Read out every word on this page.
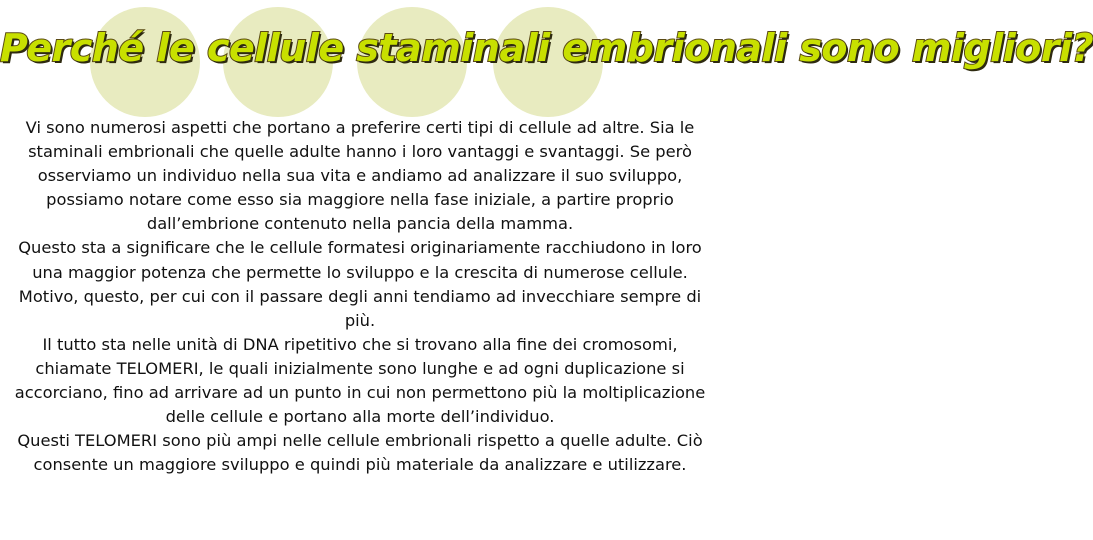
Perché le cellule staminali embrionali sono migliori?

Vi sono numerosi aspetti che portano a preferire certi tipi di cellule ad altre. Sia le staminali embrionali che quelle adulte hanno i loro vantaggi e svantaggi. Se però osserviamo un individuo nella sua vita e andiamo ad analizzare il suo sviluppo, possiamo notare come esso sia maggiore nella fase iniziale, a partire proprio dall’embrione contenuto nella pancia della mamma.

Questo sta a significare che le cellule formatesi originariamente racchiudono in loro una maggior potenza che permette lo sviluppo e la crescita di numerose cellule.

Motivo, questo, per cui con il passare degli anni tendiamo ad invecchiare sempre di più.

Il tutto sta nelle unità di DNA ripetitivo che si trovano alla fine dei cromosomi, chiamate TELOMERI, le quali inizialmente sono lunghe e ad ogni duplicazione si accorciano, fino ad arrivare ad un punto in cui non permettono più la moltiplicazione delle cellule e portano alla morte dell’individuo.

Questi TELOMERI sono più ampi nelle cellule embrionali rispetto a quelle adulte. Ciò consente un maggiore sviluppo e quindi più materiale da analizzare e utilizzare.
